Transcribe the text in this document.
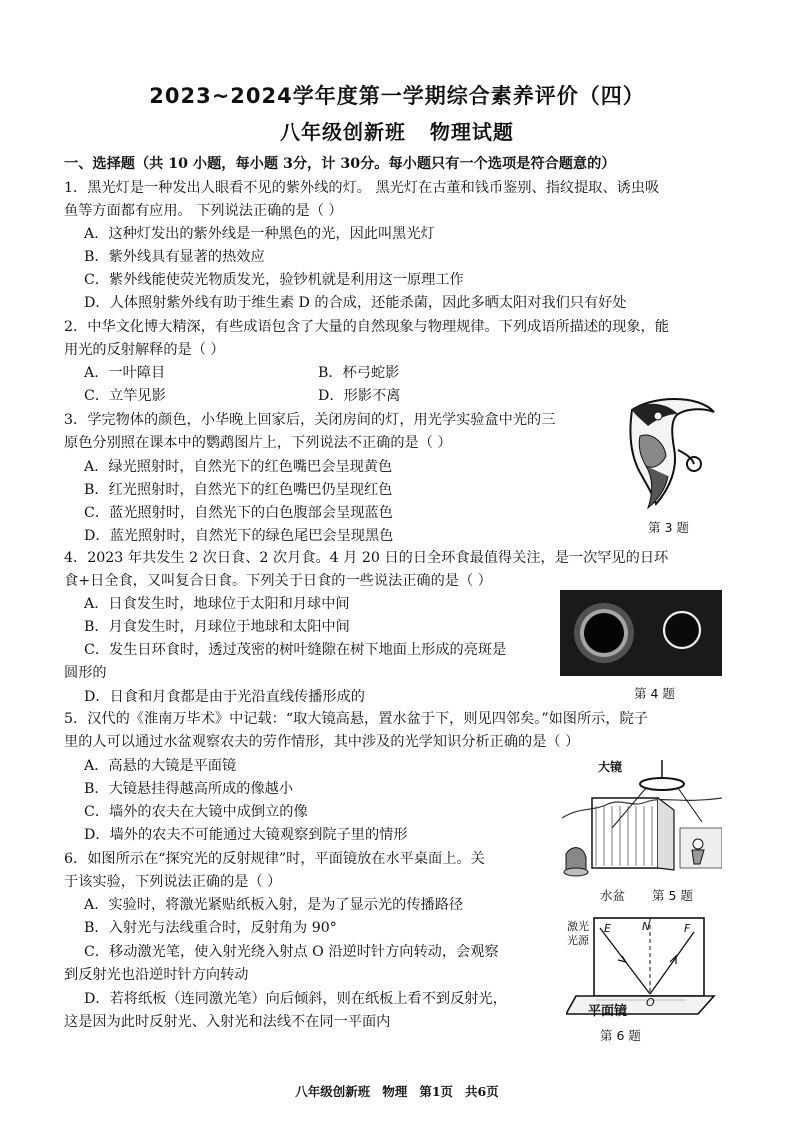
2023~2024学年度第一学期综合素养评价（四）
八年级创新班   物理试题
一、选择题（共 10 小题，每小题 3分，计 30分。每小题只有一个选项是符合题意的）
1．黑光灯是一种发出人眼看不见的紫外线的灯。 黑光灯在古董和钱币鉴别、指纹提取、诱虫吸
鱼等方面都有应用。 下列说法正确的是（ ）
A．这种灯发出的紫外线是一种黑色的光，因此叫黑光灯
B．紫外线具有显著的热效应
C．紫外线能使荧光物质发光，验钞机就是利用这一原理工作
D．人体照射紫外线有助于维生素 D 的合成，还能杀菌，因此多晒太阳对我们只有好处
2．中华文化博大精深，有些成语包含了大量的自然现象与物理规律。下列成语所描述的现象，能
用光的反射解释的是（ ）
A．一叶障目	B．杯弓蛇影
C．立竿见影	D．形影不离
3．学完物体的颜色，小华晚上回家后，关闭房间的灯，用光学实验盒中光的三
原色分别照在课本中的鹦鹉图片上，下列说法不正确的是（ ）
A．绿光照射时，自然光下的红色嘴巴会呈现黄色
B．红光照射时，自然光下的红色嘴巴仍呈现红色
C．蓝光照射时，自然光下的白色腹部会呈现蓝色
D．蓝光照射时，自然光下的绿色尾巴会呈现黑色
第 3 题
4．2023 年共发生 2 次日食、2 次月食。4 月 20 日的日全环食最值得关注，是一次罕见的日环
食+日全食，又叫复合日食。下列关于日食的一些说法正确的是（ ）
A．日食发生时，地球位于太阳和月球中间
B．月食发生时，月球位于地球和太阳中间
C．发生日环食时，透过茂密的树叶缝隙在树下地面上形成的亮斑是
圆形的
D．日食和月食都是由于光沿直线传播形成的	第 4 题
5．汉代的《淮南万毕术》中记载：“取大镜高悬，置水盆于下，则见四邻矣。”如图所示，院子
里的人可以通过水盆观察农夫的劳作情形，其中涉及的光学知识分析正确的是（ ）
A．高悬的大镜是平面镜
B．大镜悬挂得越高所成的像越小
C．墙外的农夫在大镜中成倒立的像
D．墙外的农夫不可能通过大镜观察到院子里的情形
大镜
水盆 第 5 题
6．如图所示在“探究光的反射规律”时，平面镜放在水平桌面上。关
于该实验，下列说法正确的是（ ）
A．实验时，将激光紧贴纸板入射，是为了显示光的传播路径
B．入射光与法线重合时，反射角为 90°
C．移动激光笔，使入射光绕入射点 O 沿逆时针方向转动，会观察
到反射光也沿逆时针方向转动
D．若将纸板（连同激光笔）向后倾斜，则在纸板上看不到反射光，
这是因为此时反射光、入射光和法线不在同一平面内
激光
光源
E	N	F
O
平面镜
第 6 题
八年级创新班 物理 第1页 共6页
